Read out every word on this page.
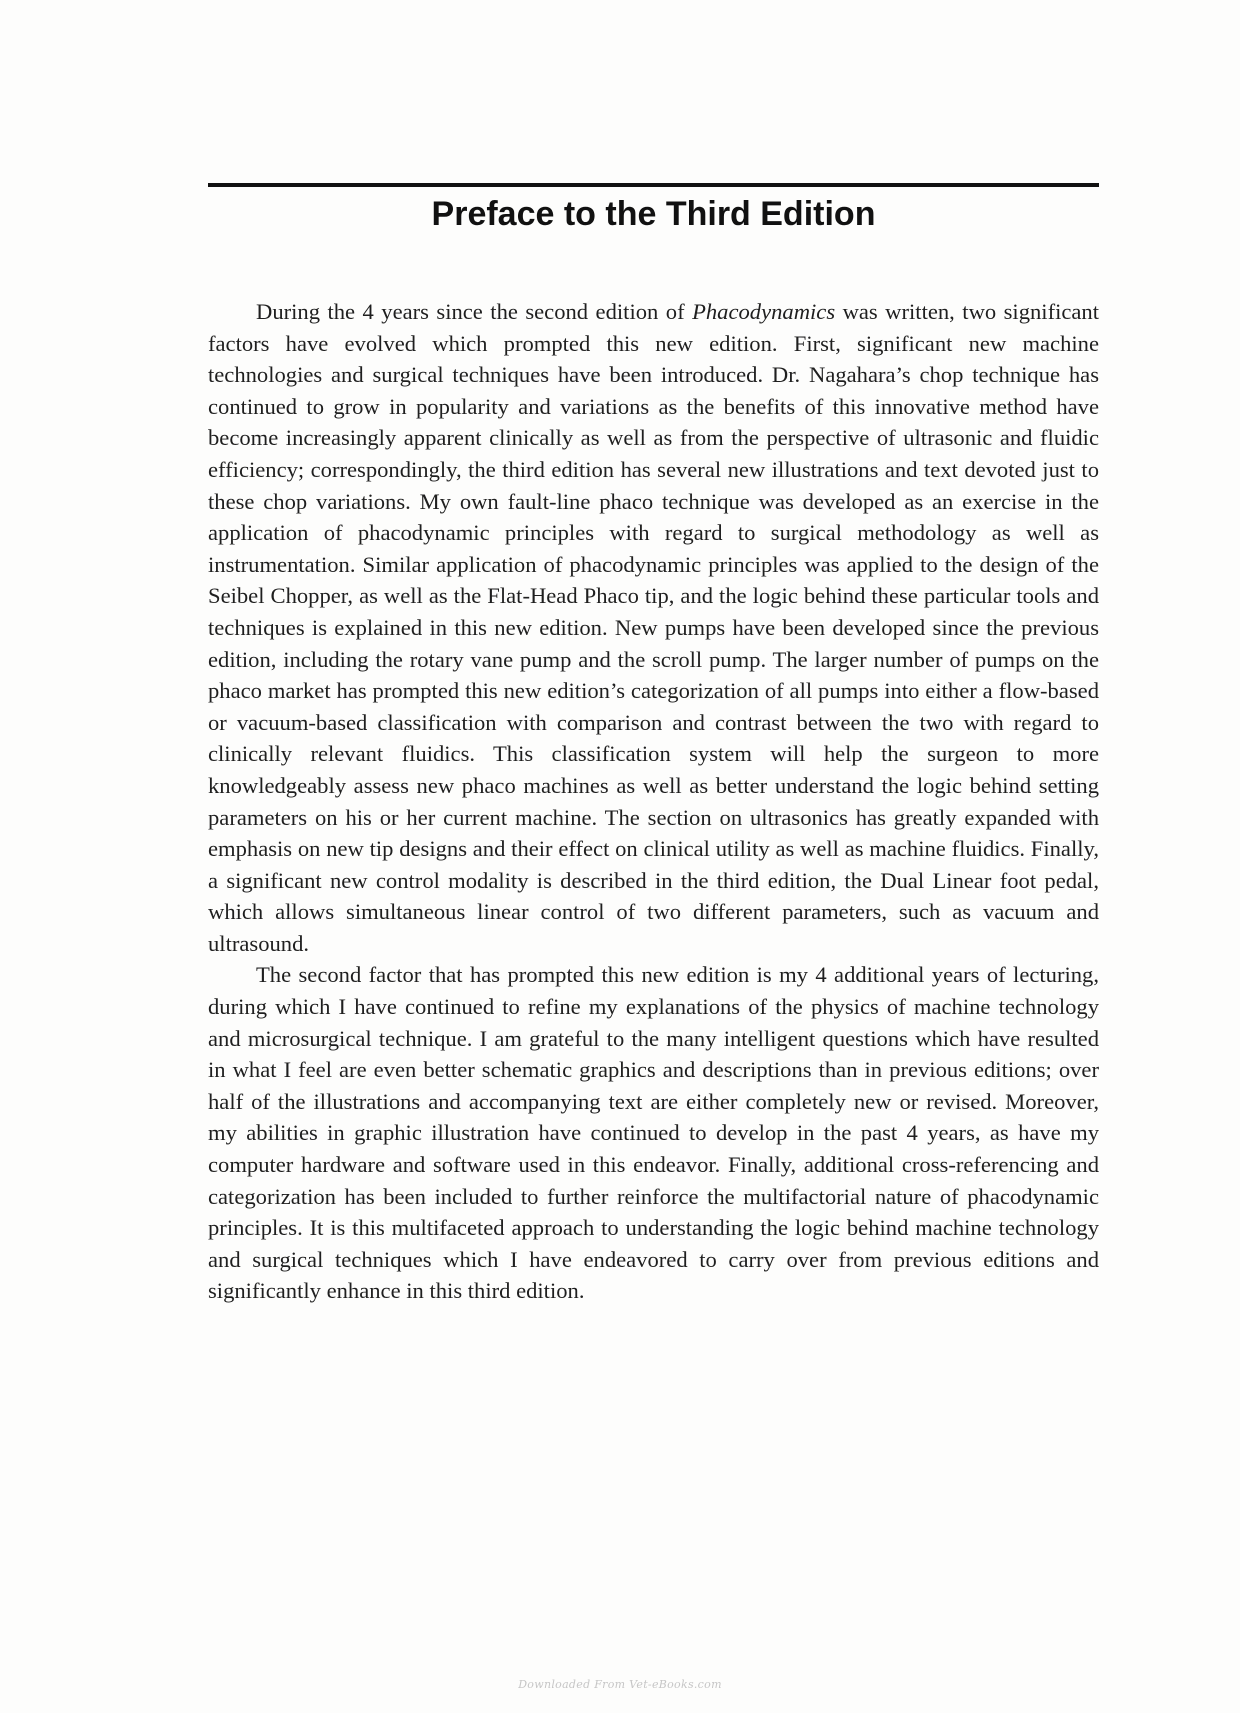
Preface to the Third Edition

During the 4 years since the second edition of Phacodynamics was written, two significant factors have evolved which prompted this new edition. First, significant new machine technologies and surgical techniques have been introduced. Dr. Nagahara’s chop technique has continued to grow in popularity and variations as the benefits of this innovative method have become increasingly apparent clinically as well as from the perspective of ultrasonic and fluidic efficiency; correspondingly, the third edition has several new illustrations and text devoted just to these chop variations. My own fault-line phaco technique was developed as an exercise in the application of phacodynamic principles with regard to surgical methodology as well as instrumentation. Similar application of phacodynamic principles was applied to the design of the Seibel Chopper, as well as the Flat-Head Phaco tip, and the logic behind these particular tools and techniques is explained in this new edition. New pumps have been developed since the previous edition, including the rotary vane pump and the scroll pump. The larger number of pumps on the phaco market has prompted this new edition’s categorization of all pumps into either a flow-based or vacuum-based classification with comparison and contrast between the two with regard to clinically relevant fluidics. This classification system will help the surgeon to more knowledgeably assess new phaco machines as well as better understand the logic behind setting parameters on his or her current machine. The section on ultrasonics has greatly expanded with emphasis on new tip designs and their effect on clinical utility as well as machine fluidics. Finally, a significant new control modality is described in the third edition, the Dual Linear foot pedal, which allows simultaneous linear control of two different parameters, such as vacuum and ultrasound.

The second factor that has prompted this new edition is my 4 additional years of lecturing, during which I have continued to refine my explanations of the physics of machine technology and microsurgical technique. I am grateful to the many intelligent questions which have resulted in what I feel are even better schematic graphics and descriptions than in previous editions; over half of the illustrations and accompanying text are either completely new or revised. Moreover, my abilities in graphic illustration have continued to develop in the past 4 years, as have my computer hardware and software used in this endeavor. Finally, additional cross-referencing and categorization has been included to further reinforce the multifactorial nature of phacodynamic principles. It is this multifaceted approach to understanding the logic behind machine technology and surgical techniques which I have endeavored to carry over from previous editions and significantly enhance in this third edition.

Downloaded From Vet-eBooks.com
